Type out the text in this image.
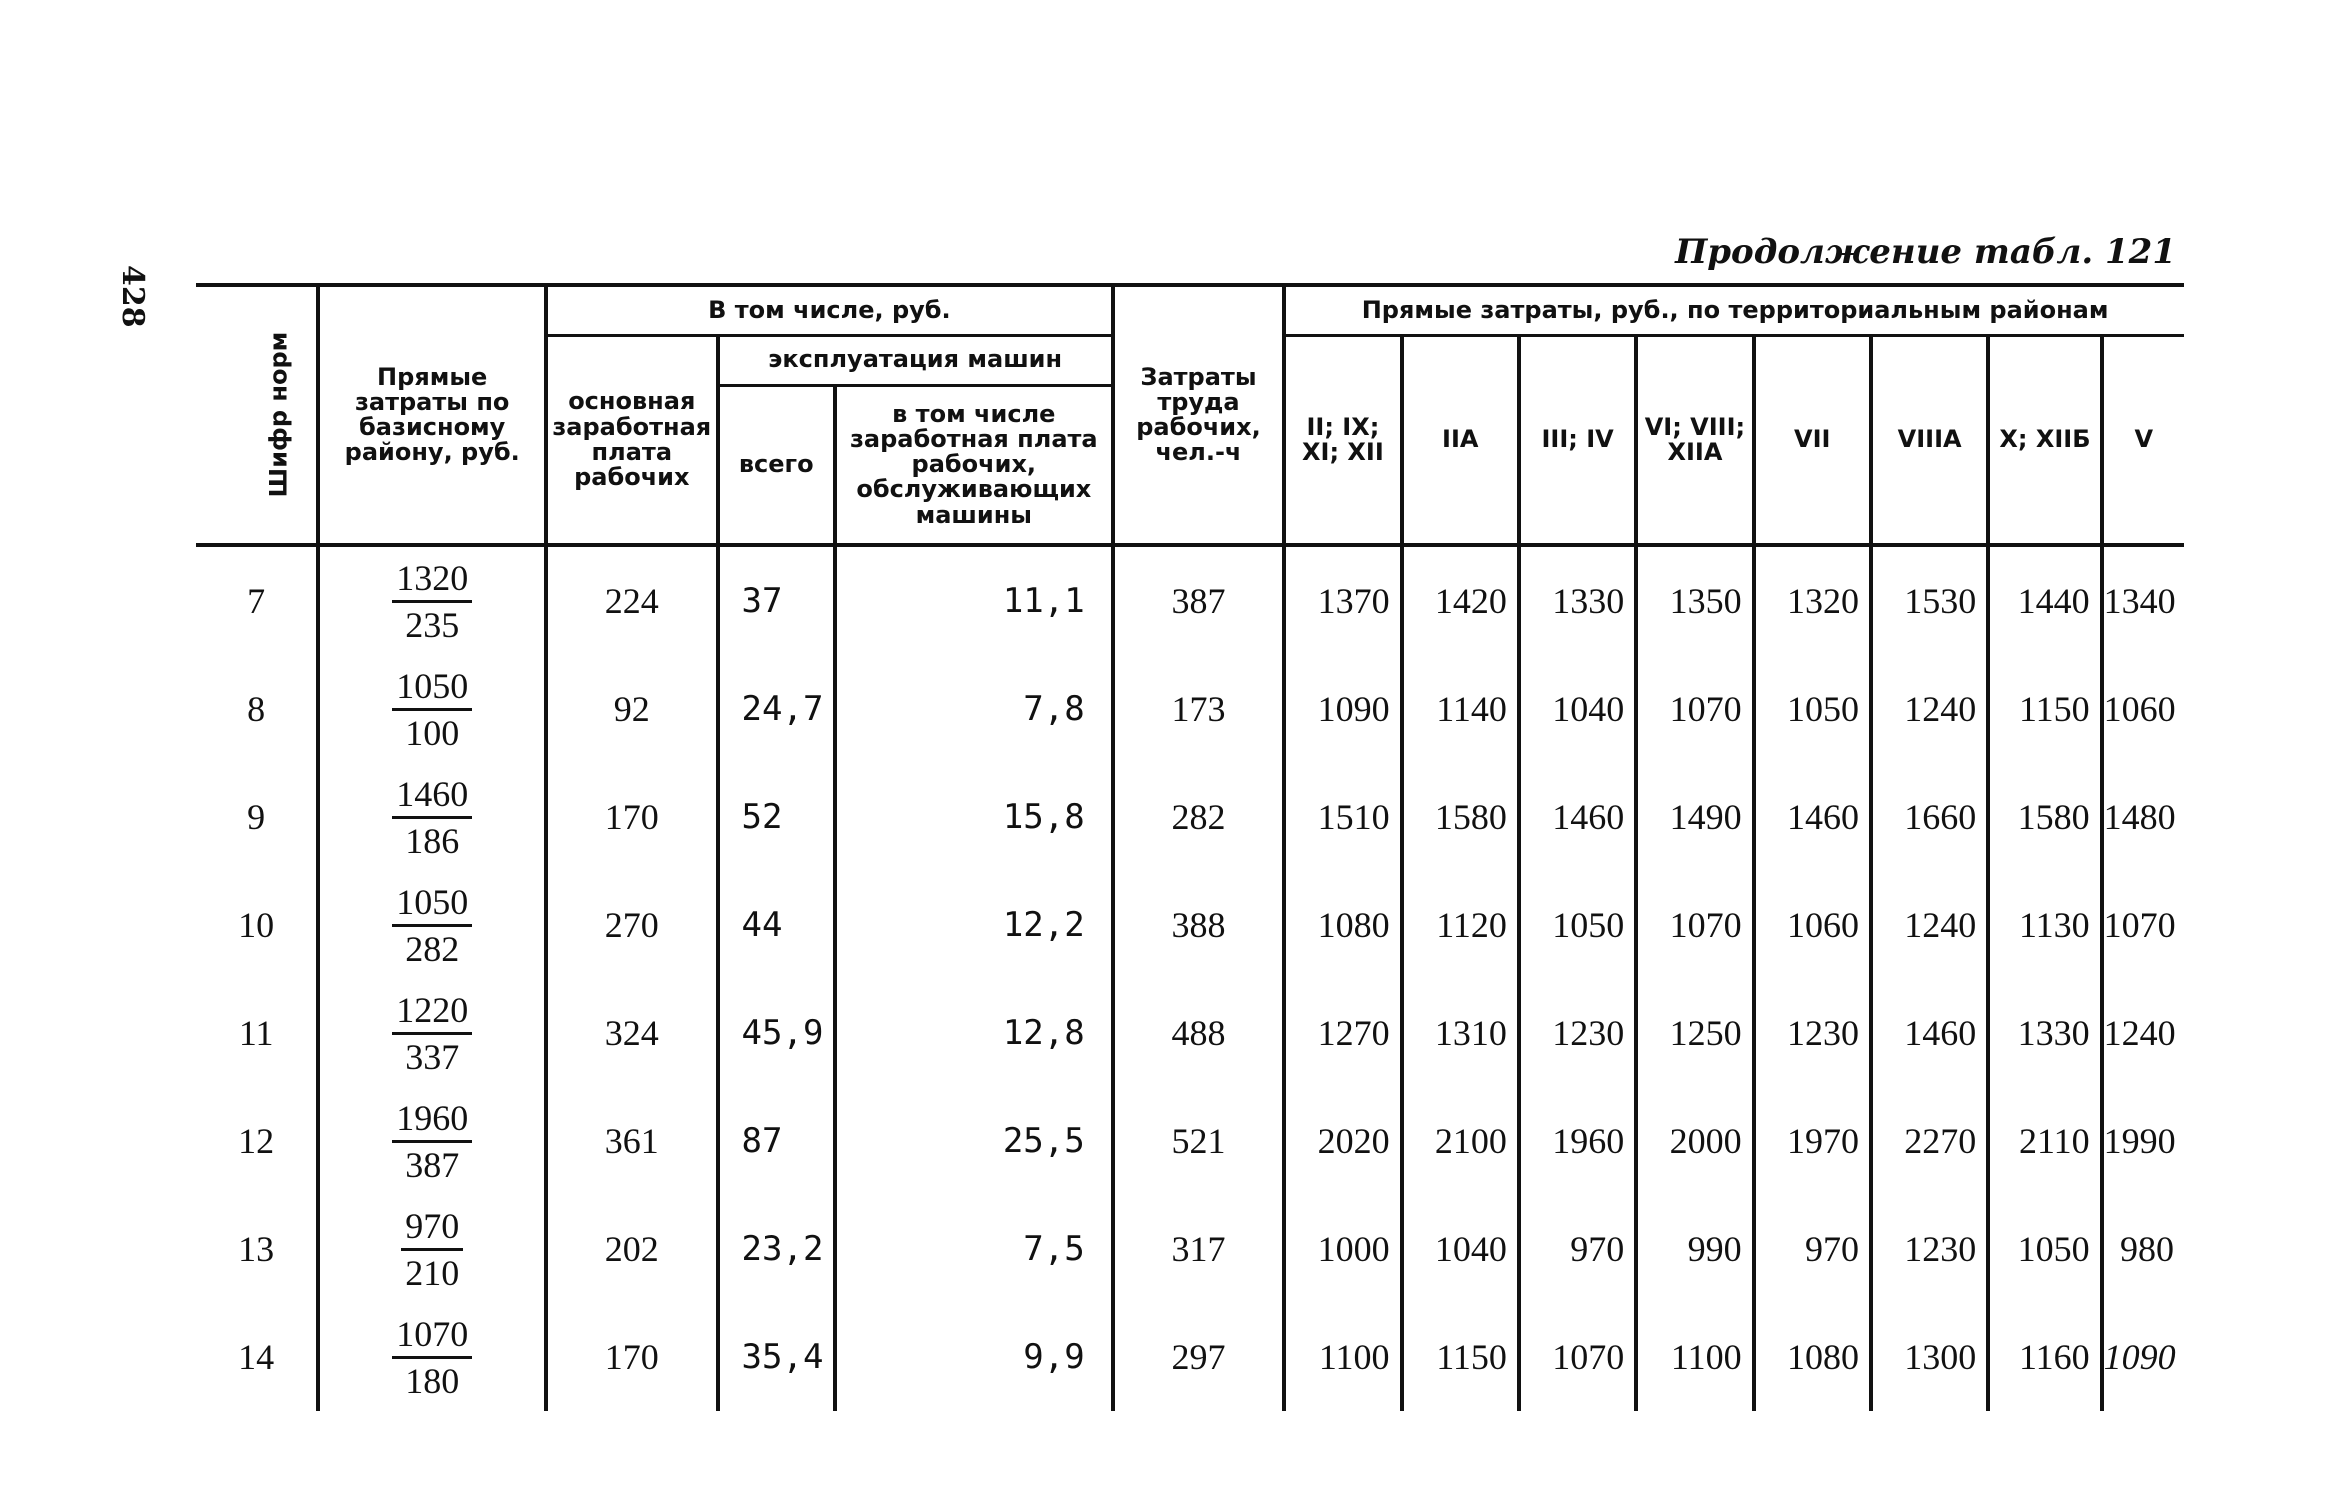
428
Продолжение табл. 121
Шифр норм	Прямые затраты по базисному району, руб.	В том числе, руб.			Затраты труда рабочих, чел.-ч	Прямые затраты, руб., по территориальным районам							
		основная заработная плата рабочих	эксплуатация машин			II; IX; XI; XII	IIA	III; IV	VI; VIII; XIIA	VII	VIIIA	X; XIIБ	V
			всего	в том числе заработная плата рабочих, обслуживающих машины									
7	$\frac{1320}{235}$	224	37	11,1	387	1370	1420	1330	1350	1320	1530	1440	1340
8	$\frac{1050}{100}$	92	24,7	7,8	173	1090	1140	1040	1070	1050	1240	1150	1060
9	$\frac{1460}{186}$	170	52	15,8	282	1510	1580	1460	1490	1460	1660	1580	1480
10	$\frac{1050}{282}$	270	44	12,2	388	1080	1120	1050	1070	1060	1240	1130	1070
11	$\frac{1220}{337}$	324	45,9	12,8	488	1270	1310	1230	1250	1230	1460	1330	1240
12	$\frac{1960}{387}$	361	87	25,5	521	2020	2100	1960	2000	1970	2270	2110	1990
13	$\frac{970}{210}$	202	23,2	7,5	317	1000	1040	970	990	970	1230	1050	980
14	$\frac{1070}{180}$	170	35,4	9,9	297	1100	1150	1070	1100	1080	1300	1160	1090
